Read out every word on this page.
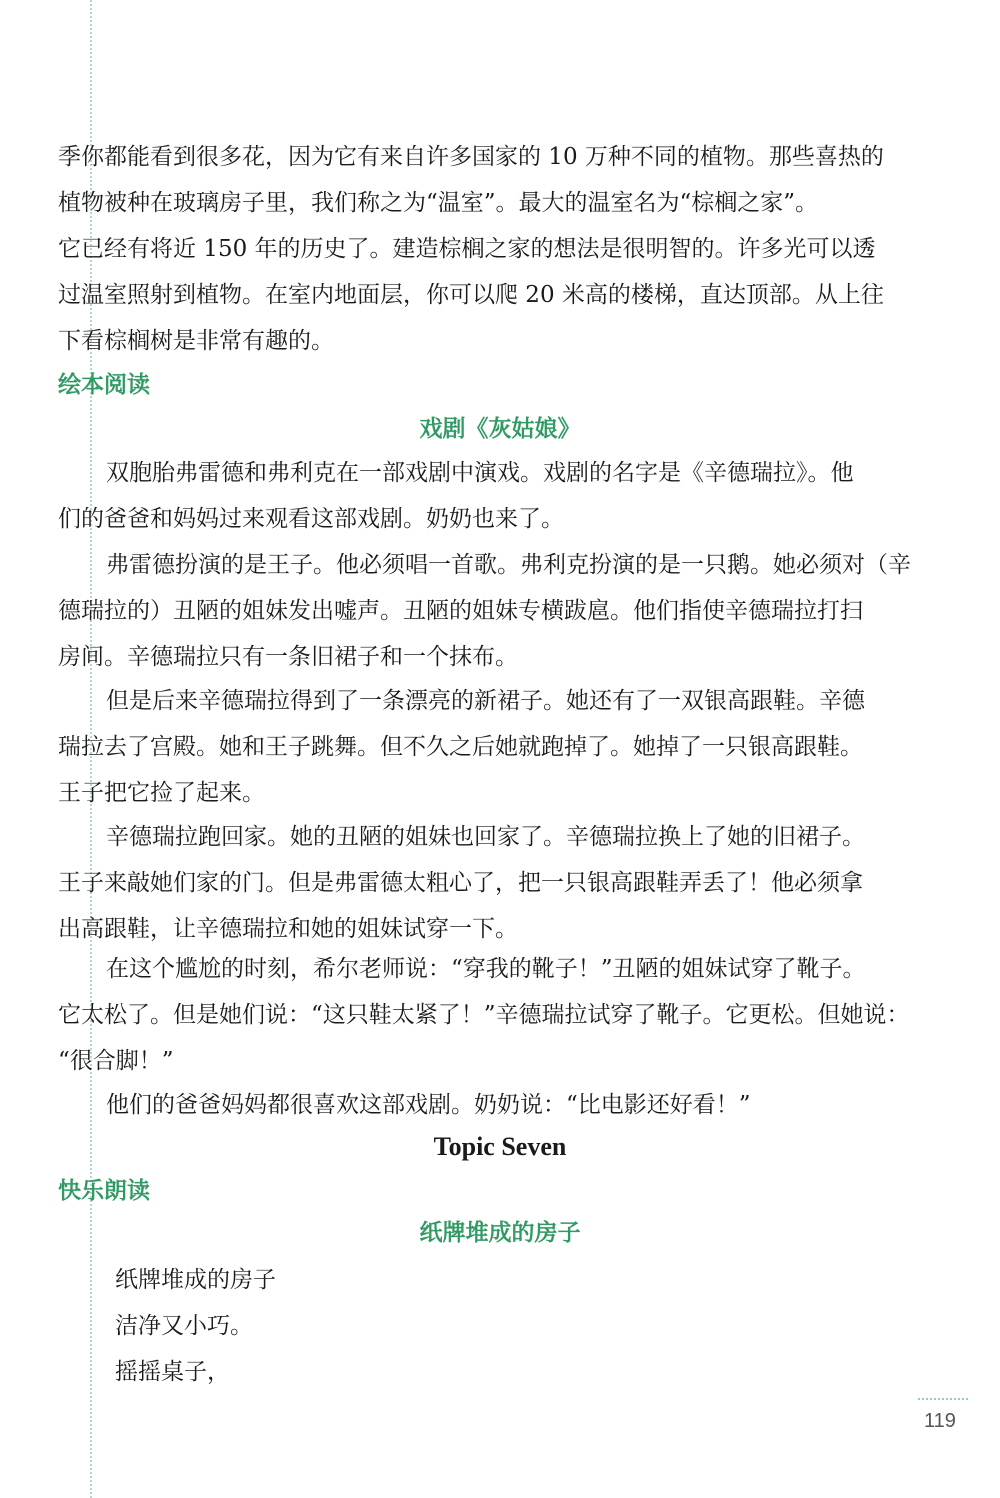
季你都能看到很多花，因为它有来自许多国家的 10 万种不同的植物。那些喜热的
植物被种在玻璃房子里，我们称之为“温室”。最大的温室名为“棕榈之家”。
它已经有将近 150 年的历史了。建造棕榈之家的想法是很明智的。许多光可以透
过温室照射到植物。在室内地面层，你可以爬 20 米高的楼梯，直达顶部。从上往
下看棕榈树是非常有趣的。
绘本阅读
戏剧《灰姑娘》
双胞胎弗雷德和弗利克在一部戏剧中演戏。戏剧的名字是《辛德瑞拉》。他
们的爸爸和妈妈过来观看这部戏剧。奶奶也来了。
弗雷德扮演的是王子。他必须唱一首歌。弗利克扮演的是一只鹅。她必须对（辛
德瑞拉的）丑陋的姐妹发出嘘声。丑陋的姐妹专横跋扈。他们指使辛德瑞拉打扫
房间。辛德瑞拉只有一条旧裙子和一个抹布。
但是后来辛德瑞拉得到了一条漂亮的新裙子。她还有了一双银高跟鞋。辛德
瑞拉去了宫殿。她和王子跳舞。但不久之后她就跑掉了。她掉了一只银高跟鞋。
王子把它捡了起来。
辛德瑞拉跑回家。她的丑陋的姐妹也回家了。辛德瑞拉换上了她的旧裙子。
王子来敲她们家的门。但是弗雷德太粗心了，把一只银高跟鞋弄丢了！他必须拿
出高跟鞋，让辛德瑞拉和她的姐妹试穿一下。
在这个尴尬的时刻，希尔老师说：“穿我的靴子！”丑陋的姐妹试穿了靴子。
它太松了。但是她们说：“这只鞋太紧了！”辛德瑞拉试穿了靴子。它更松。但她说：
“很合脚！”
他们的爸爸妈妈都很喜欢这部戏剧。奶奶说：“比电影还好看！”
Topic Seven
快乐朗读
纸牌堆成的房子
纸牌堆成的房子
洁净又小巧。
摇摇桌子，
119
